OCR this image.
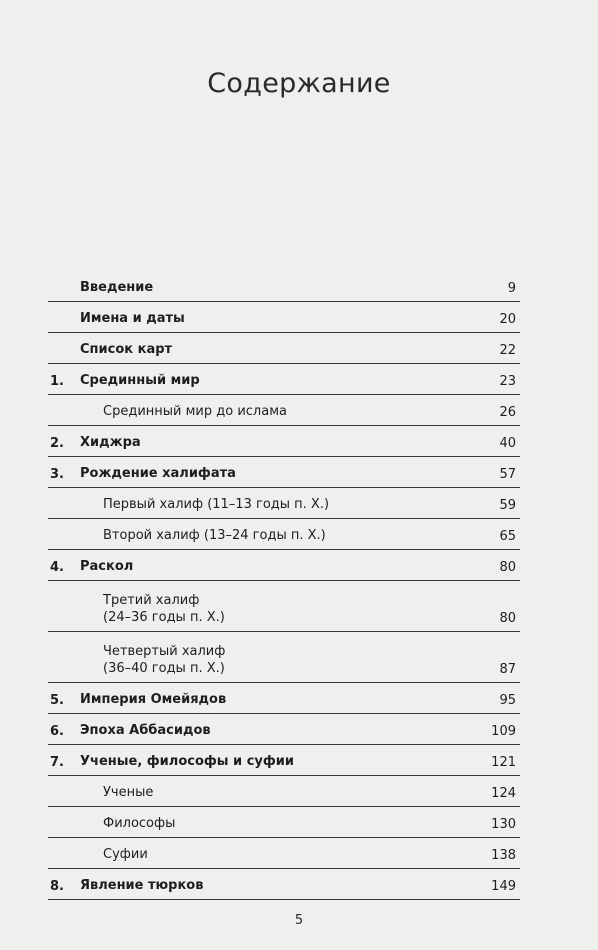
Содержание
Введение	9
Имена и даты	20
Список карт	22
1. Срединный мир	23
Срединный мир до ислама	26
2. Хиджра	40
3. Рождение халифата	57
Первый халиф (11–13 годы п. Х.)	59
Второй халиф (13–24 годы п. Х.)	65
4. Раскол	80
Третий халиф
(24–36 годы п. Х.)	80
Четвертый халиф
(36–40 годы п. Х.)	87
5. Империя Омейядов	95
6. Эпоха Аббасидов	109
7. Ученые, философы и суфии	121
Ученые	124
Философы	130
Суфии	138
8. Явление тюрков	149
5
